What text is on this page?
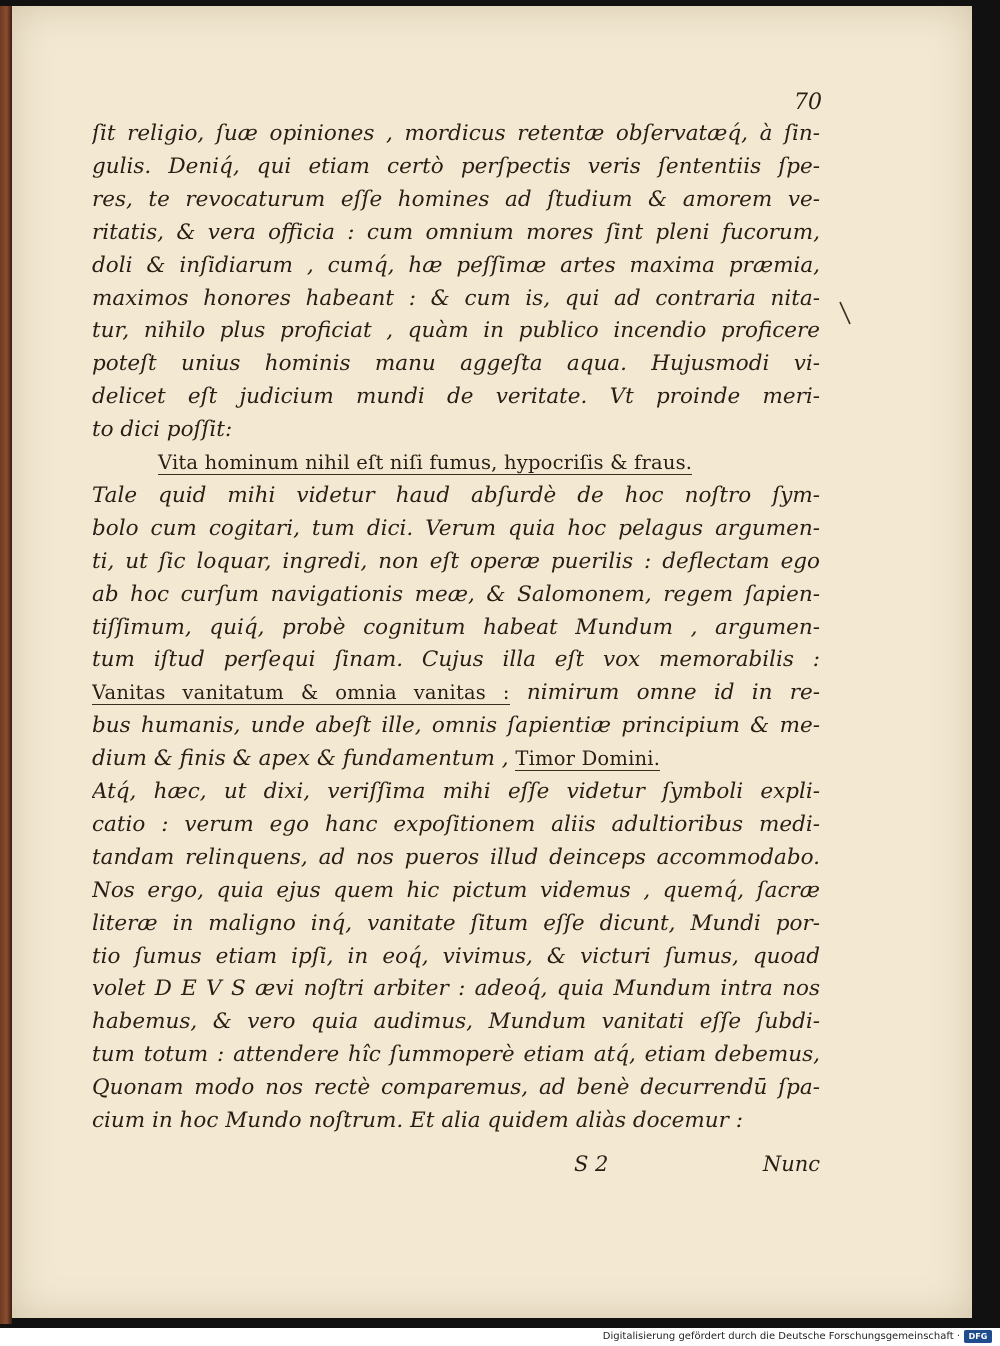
70
ſit religio, ſuæ opiniones , mordicus retentæ obſervatæq́, à ſin-
gulis. Deniq́, qui etiam certò perſpectis veris ſententiis ſpe-
res, te revocaturum eſſe homines ad ſtudium & amorem ve-
ritatis, & vera officia : cum omnium mores ſint pleni fucorum,
doli & inſidiarum , cumq́, hæ peſſimæ artes maxima præmia,
maximos honores habeant : & cum is, qui ad contraria nita-
tur, nihilo plus proficiat , quàm in publico incendio proficere
poteſt unius hominis manu aggeſta aqua. Hujusmodi vi-
delicet eſt judicium mundi de veritate. Vt proinde meri-
to dici poſſit:
Vita hominum nihil eſt niſi fumus, hypocriſis & fraus.
Tale quid mihi videtur haud abſurdè de hoc noſtro ſym-
bolo cum cogitari, tum dici. Verum quia hoc pelagus argumen-
ti, ut ſic loquar, ingredi, non eſt operæ puerilis : deflectam ego
ab hoc curſum navigationis meæ, & Salomonem, regem ſapien-
tiſſimum, quiq́, probè cognitum habeat Mundum , argumen-
tum iſtud perſequi ſinam. Cujus illa eſt vox memorabilis :
Vanitas vanitatum & omnia vanitas : nimirum omne id in re-
bus humanis, unde abeſt ille, omnis ſapientiæ principium & me-
dium & finis & apex & fundamentum , Timor Domini.
Atq́, hæc, ut dixi, veriſſima mihi eſſe videtur ſymboli expli-
catio : verum ego hanc expoſitionem aliis adultioribus medi-
tandam relinquens, ad nos pueros illud deinceps accommodabo.
Nos ergo, quia ejus quem hic pictum videmus , quemq́, ſacræ
literæ in maligno inq́, vanitate ſitum eſſe dicunt, Mundi por-
tio ſumus etiam ipſi, in eoq́, vivimus, & victuri ſumus, quoad
volet D E V S ævi noſtri arbiter : adeoq́, quia Mundum intra nos
habemus, & vero quia audimus, Mundum vanitati eſſe ſubdi-
tum totum : attendere hîc ſummoperè etiam atq́, etiam debemus,
Quonam modo nos rectè comparemus, ad benè decurrendū ſpa-
cium in hoc Mundo noſtrum. Et alia quidem aliàs docemur :
S 2	Nunc
Digitalisierung gefördert durch die Deutsche Forschungsgemeinschaft ·	DFG
